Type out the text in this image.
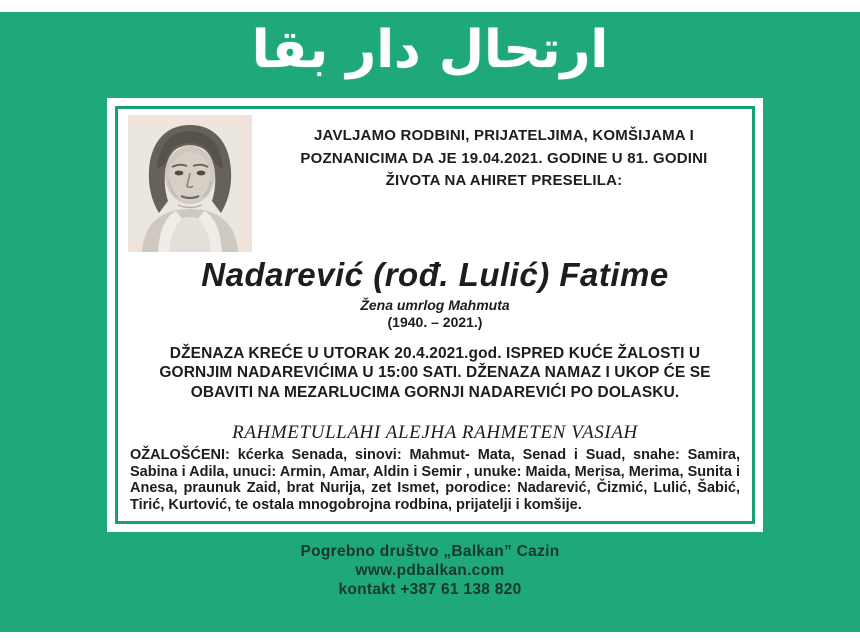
ارتحال دار بقا
JAVLJAMO RODBINI, PRIJATELJIMA, KOMŠIJAMA I
POZNANICIMA DA JE 19.04.2021. GODINE U 81. GODINI
ŽIVOTA NA AHIRET PRESELILA:
Nadarević (rođ. Lulić) Fatime
Žena umrlog Mahmuta
(1940. – 2021.)
DŽENAZA KREĆE U UTORAK 20.4.2021.god. ISPRED KUĆE ŽALOSTI U
GORNJIM NADAREVIĆIMA U 15:00 SATI. DŽENAZA NAMAZ I UKOP ĆE SE
OBAVITI NA MEZARLUCIMA GORNJI NADAREVIĆI PO DOLASKU.
RAHMETULLAHI ALEJHA RAHMETEN VASIAH
OŽALOŠĆENI: kćerka Senada, sinovi: Mahmut- Mata, Senad i Suad, snahe: Samira, Sabina i Adila, unuci: Armin, Amar, Aldin i Semir , unuke: Maida, Merisa, Merima, Sunita i Anesa, praunuk Zaid, brat Nurija, zet Ismet, porodice: Nadarević, Čizmić, Lulić, Šabić, Tirić, Kurtović, te ostala mnogobrojna rodbina, prijatelji i komšije.
Pogrebno društvo „Balkan” Cazin
www.pdbalkan.com
kontakt +387 61 138 820
